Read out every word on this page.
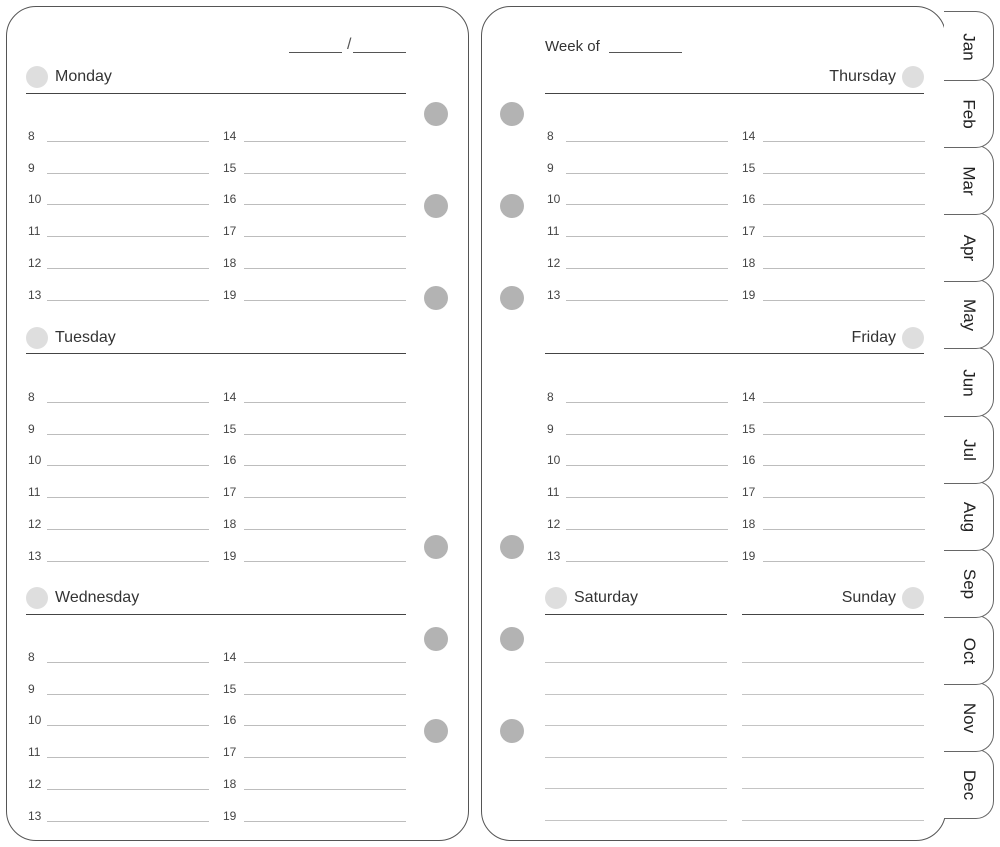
/	Week of
Monday
8	14
9	15
10	16
11	17
12	18
13	19
Tuesday
8	14
9	15
10	16
11	17
12	18
13	19
Wednesday
8	14
9	15
10	16
11	17
12	18
13	19
Thursday
8	14
9	15
10	16
11	17
12	18
13	19
Friday
8	14
9	15
10	16
11	17
12	18
13	19
Saturday	Sunday
Jan
Feb
Mar
Apr
May
Jun
Jul
Aug
Sep
Oct
Nov
Dec
